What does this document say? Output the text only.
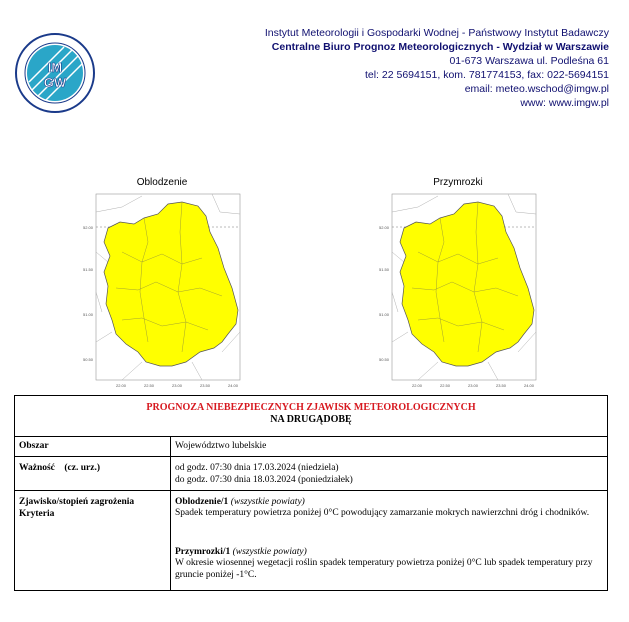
IM
GW
Instytut Meteorologii i Gospodarki Wodnej - Państwowy Instytut Badawczy
Centralne Biuro Prognoz Meteorologicznych - Wydział w Warszawie
01-673 Warszawa ul. Podleśna 61
tel: 22 5694151, kom. 781774153, fax: 022-5694151
email: meteo.wschod@imgw.pl
www: www.imgw.pl
Oblodzenie	Przymrozki
52.00
51.50
51.00
50.50
22.00	22.50	23.00	23.50	24.00
52.00
51.50
51.00
50.50
22.00	22.50	23.00	23.50	24.00
PROGNOZA NIEBEZPIECZNYCH ZJAWISK METEOROLOGICZNYCH
NA DRUGĄDOBĘ
Obszar	Województwo lubelskie
Ważność    (cz. urz.)	od godz. 07:30 dnia 17.03.2024 (niedziela)
do godz. 07:30 dnia 18.03.2024 (poniedziałek)
Zjawisko/stopień zagrożenia
Kryteria
Oblodzenie/1 (wszystkie powiaty)
Spadek temperatury powietrza poniżej 0°C powodujący zamarzanie mokrych nawierzchni dróg i chodników.
Przymrozki/1 (wszystkie powiaty)
W okresie wiosennej wegetacji roślin spadek temperatury powietrza poniżej 0°C lub spadek temperatury przy gruncie poniżej -1°C.
